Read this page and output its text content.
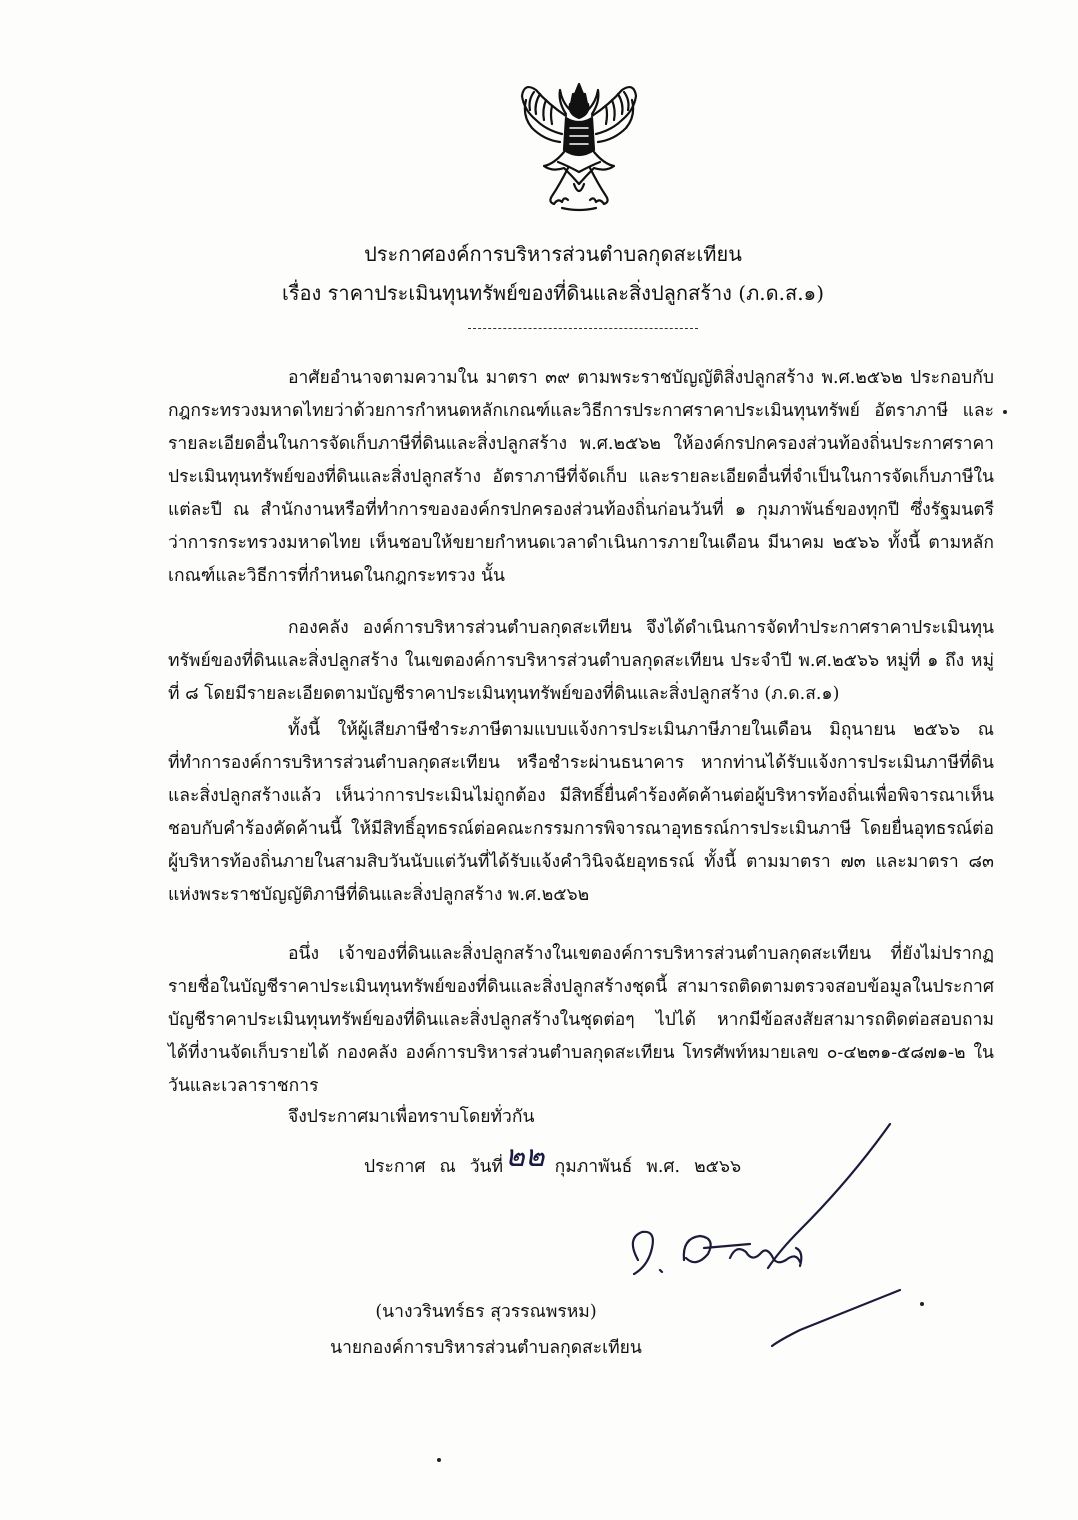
ประกาศองค์การบริหารส่วนตำบลกุดสะเทียน
เรื่อง ราคาประเมินทุนทรัพย์ของที่ดินและสิ่งปลูกสร้าง (ภ.ด.ส.๑)

อาศัยอำนาจตามความใน มาตรา ๓๙ ตามพระราชบัญญัติสิ่งปลูกสร้าง พ.ศ.๒๕๖๒ ประกอบกับกฎกระทรวงมหาดไทยว่าด้วยการกำหนดหลักเกณฑ์และวิธีการประกาศราคาประเมินทุนทรัพย์ อัตราภาษี และรายละเอียดอื่นในการจัดเก็บภาษีที่ดินและสิ่งปลูกสร้าง พ.ศ.๒๕๖๒ ให้องค์กรปกครองส่วนท้องถิ่นประกาศราคาประเมินทุนทรัพย์ของที่ดินและสิ่งปลูกสร้าง อัตราภาษีที่จัดเก็บ และรายละเอียดอื่นที่จำเป็นในการจัดเก็บภาษีในแต่ละปี ณ สำนักงานหรือที่ทำการขององค์กรปกครองส่วนท้องถิ่นก่อนวันที่ ๑ กุมภาพันธ์ของทุกปี ซึ่งรัฐมนตรีว่าการกระทรวงมหาดไทย เห็นชอบให้ขยายกำหนดเวลาดำเนินการภายในเดือน มีนาคม ๒๕๖๖ ทั้งนี้ ตามหลักเกณฑ์และวิธีการที่กำหนดในกฎกระทรวง นั้น

กองคลัง องค์การบริหารส่วนตำบลกุดสะเทียน จึงได้ดำเนินการจัดทำประกาศราคาประเมินทุนทรัพย์ของที่ดินและสิ่งปลูกสร้าง ในเขตองค์การบริหารส่วนตำบลกุดสะเทียน ประจำปี พ.ศ.๒๕๖๖ หมู่ที่ ๑ ถึง หมู่ที่ ๘ โดยมีรายละเอียดตามบัญชีราคาประเมินทุนทรัพย์ของที่ดินและสิ่งปลูกสร้าง (ภ.ด.ส.๑)

ทั้งนี้ ให้ผู้เสียภาษีชำระภาษีตามแบบแจ้งการประเมินภาษีภายในเดือน มิถุนายน ๒๕๖๖ ณ ที่ทำการองค์การบริหารส่วนตำบลกุดสะเทียน หรือชำระผ่านธนาคาร หากท่านได้รับแจ้งการประเมินภาษีที่ดินและสิ่งปลูกสร้างแล้ว เห็นว่าการประเมินไม่ถูกต้อง มีสิทธิ์ยื่นคำร้องคัดค้านต่อผู้บริหารท้องถิ่นเพื่อพิจารณาเห็นชอบกับคำร้องคัดค้านนี้ ให้มีสิทธิ์อุทธรณ์ต่อคณะกรรมการพิจารณาอุทธรณ์การประเมินภาษี โดยยื่นอุทธรณ์ต่อผู้บริหารท้องถิ่นภายในสามสิบวันนับแต่วันที่ได้รับแจ้งคำวินิจฉัยอุทธรณ์ ทั้งนี้ ตามมาตรา ๗๓ และมาตรา ๘๓ แห่งพระราชบัญญัติภาษีที่ดินและสิ่งปลูกสร้าง พ.ศ.๒๕๖๒

อนึ่ง เจ้าของที่ดินและสิ่งปลูกสร้างในเขตองค์การบริหารส่วนตำบลกุดสะเทียน ที่ยังไม่ปรากฏรายชื่อในบัญชีราคาประเมินทุนทรัพย์ของที่ดินและสิ่งปลูกสร้างชุดนี้ สามารถติดตามตรวจสอบข้อมูลในประกาศบัญชีราคาประเมินทุนทรัพย์ของที่ดินและสิ่งปลูกสร้างในชุดต่อๆ ไปได้ หากมีข้อสงสัยสามารถติดต่อสอบถามได้ที่งานจัดเก็บรายได้ กองคลัง องค์การบริหารส่วนตำบลกุดสะเทียน โทรศัพท์หมายเลข ๐-๔๒๓๑-๕๘๗๑-๒ ในวันและเวลาราชการ

จึงประกาศมาเพื่อทราบโดยทั่วกัน
ประกาศ ณ วันที่๒๒ กุมภาพันธ์ พ.ศ. ๒๕๖๖
(นางวรินทร์ธร สุวรรณพรหม)
นายกองค์การบริหารส่วนตำบลกุดสะเทียน
